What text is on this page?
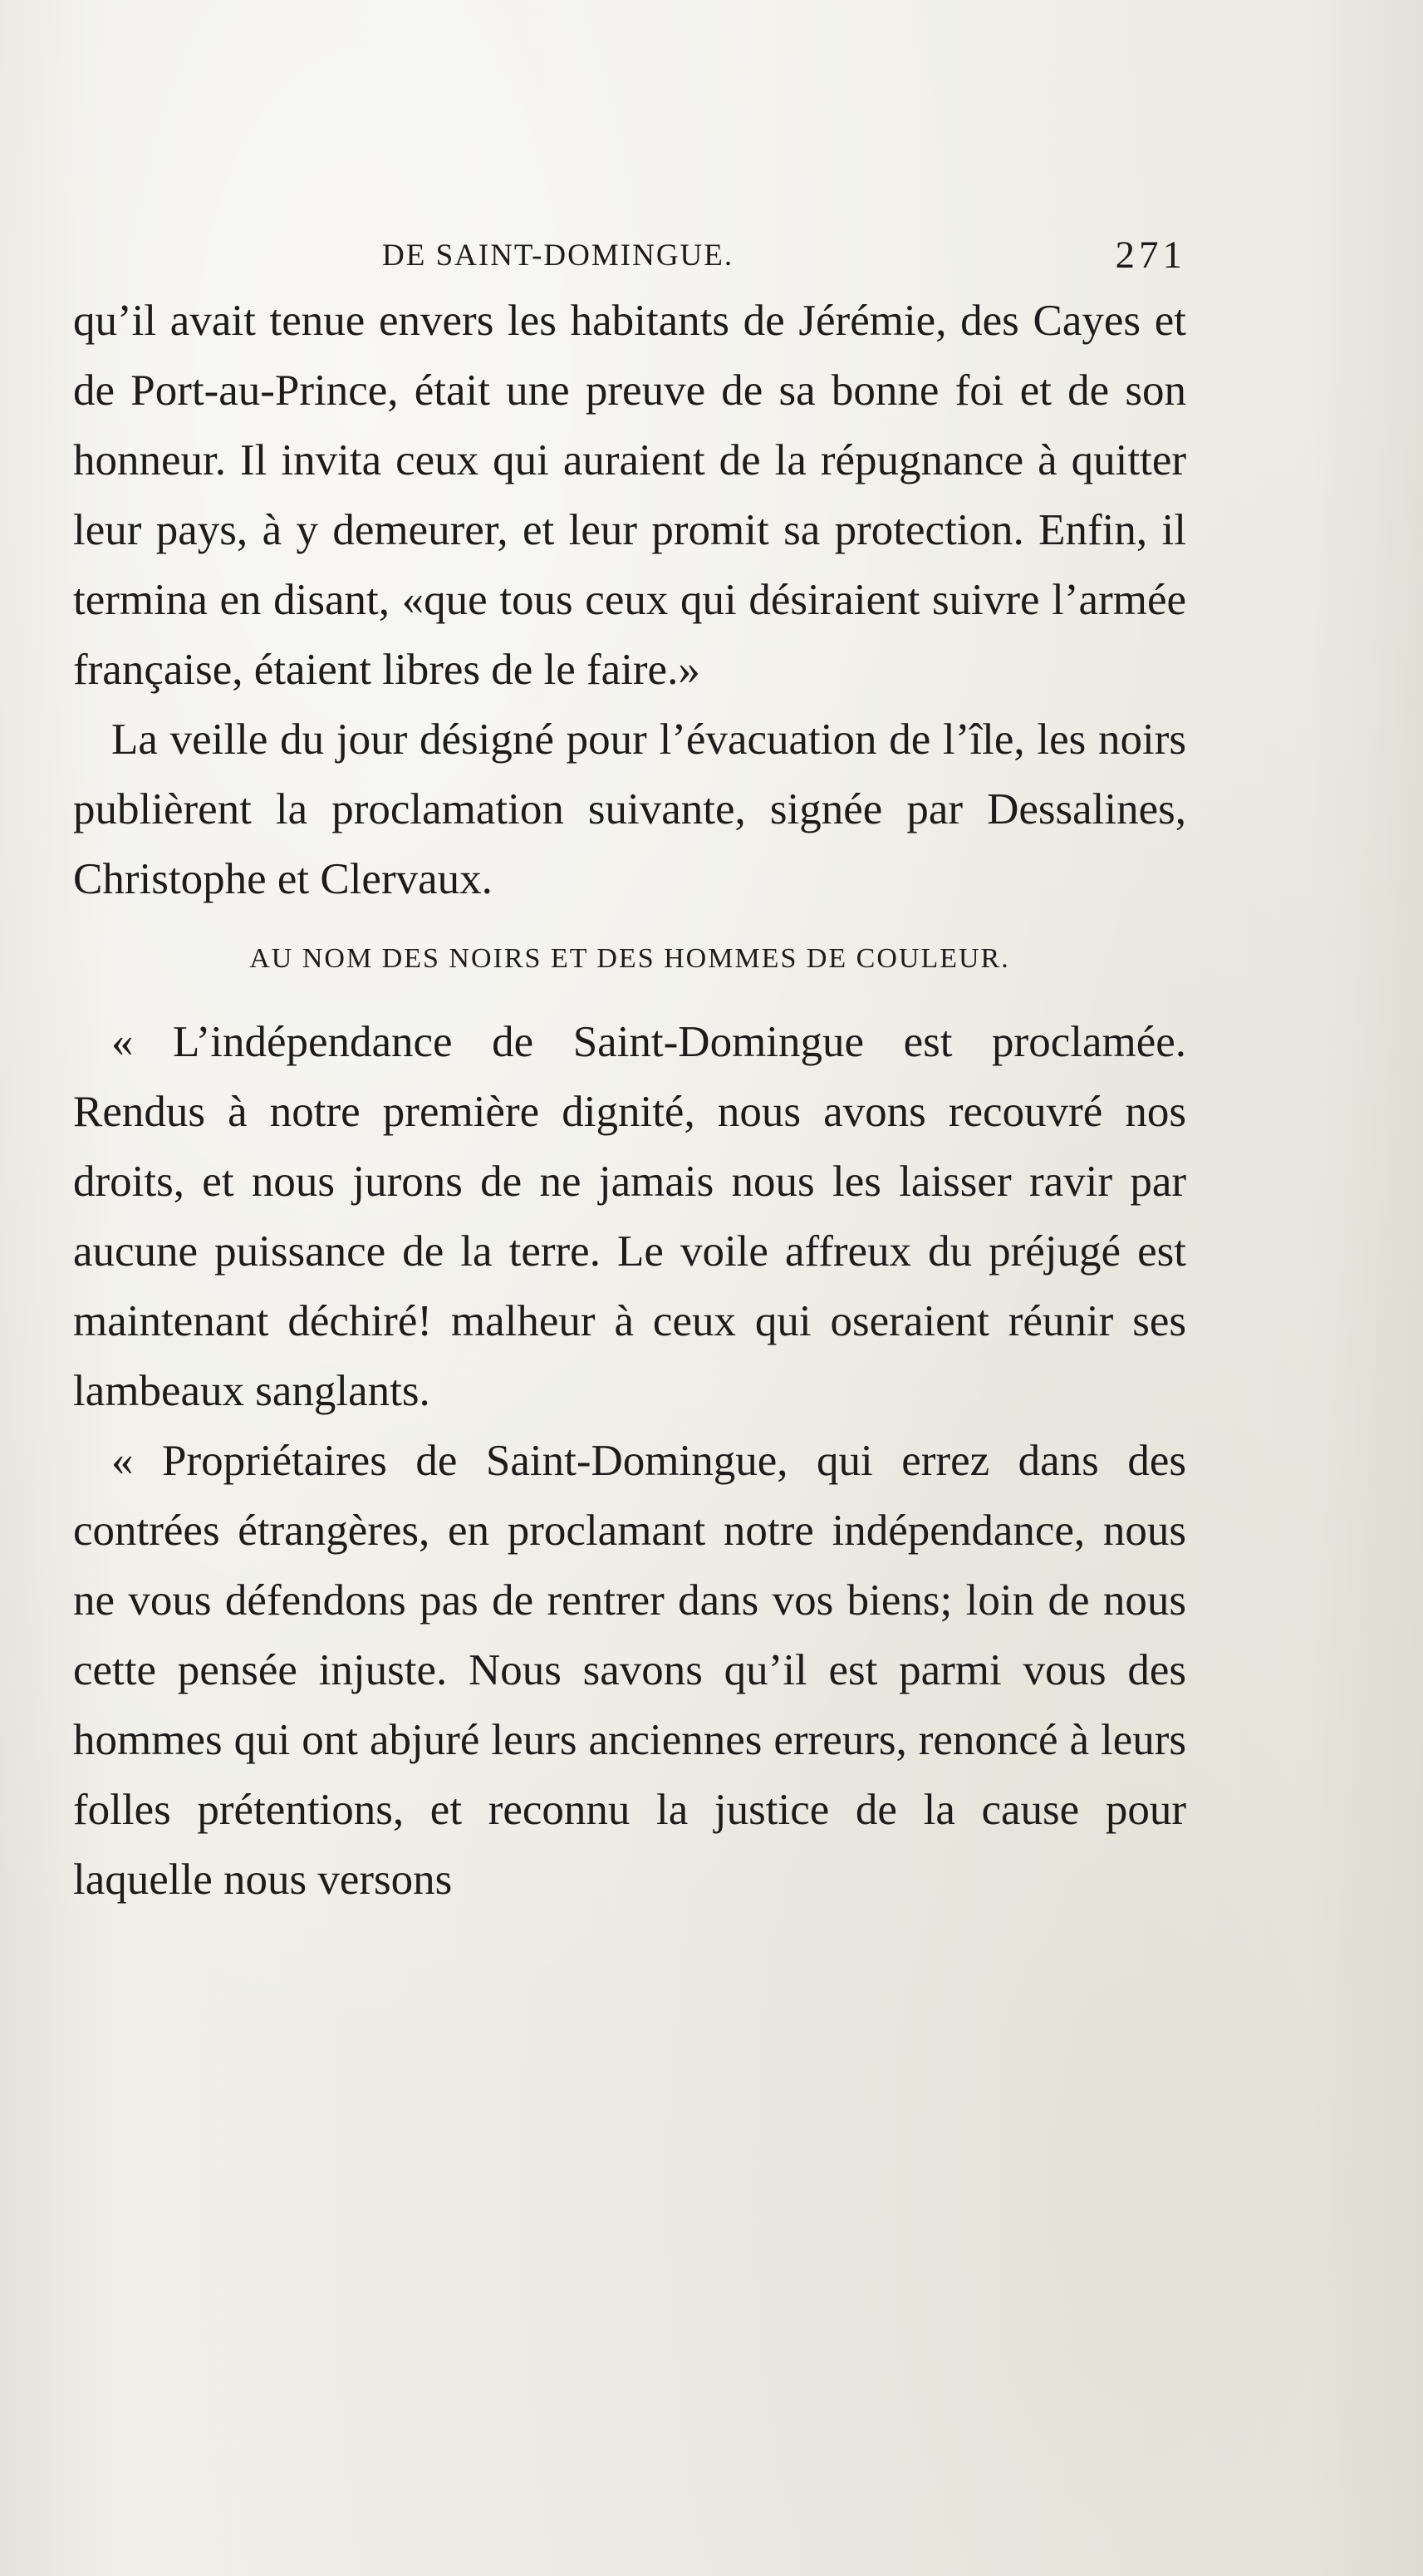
DE SAINT-DOMINGUE.	271

qu’il avait tenue envers les habitants de Jérémie, des Cayes et de Port-au-Prince, était une preuve de sa bonne foi et de son honneur. Il invita ceux qui auraient de la répugnance à quitter leur pays, à y demeurer, et leur promit sa protection. Enfin, il termina en disant, «que tous ceux qui désiraient suivre l’armée française, étaient libres de le faire.»

La veille du jour désigné pour l’évacuation de l’île, les noirs publièrent la proclamation suivante, signée par Dessalines, Christophe et Clervaux.

AU NOM DES NOIRS ET DES HOMMES DE COULEUR.

« L’indépendance de Saint-Domingue est proclamée. Rendus à notre première dignité, nous avons recouvré nos droits, et nous jurons de ne jamais nous les laisser ravir par aucune puissance de la terre. Le voile affreux du préjugé est maintenant déchiré! malheur à ceux qui oseraient réunir ses lambeaux sanglants.

« Propriétaires de Saint-Domingue, qui errez dans des contrées étrangères, en proclamant notre indépendance, nous ne vous défendons pas de rentrer dans vos biens; loin de nous cette pensée injuste. Nous savons qu’il est parmi vous des hommes qui ont abjuré leurs anciennes erreurs, renoncé à leurs folles prétentions, et reconnu la justice de la cause pour laquelle nous versons
